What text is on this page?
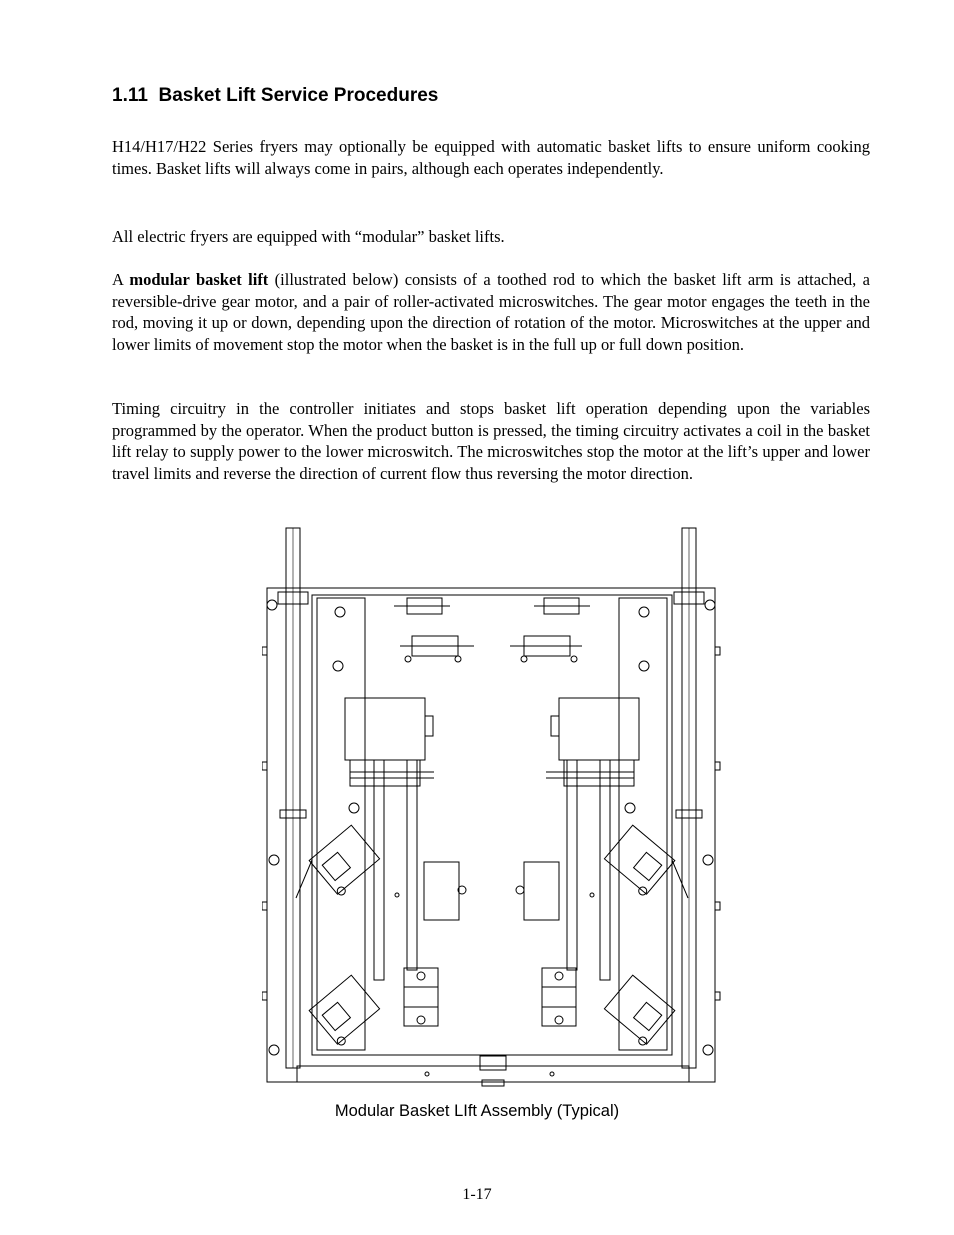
1.11 Basket Lift Service Procedures

H14/H17/H22 Series fryers may optionally be equipped with automatic basket lifts to ensure uniform cooking times. Basket lifts will always come in pairs, although each operates independently.

All electric fryers are equipped with “modular” basket lifts.

A modular basket lift (illustrated below) consists of a toothed rod to which the basket lift arm is attached, a reversible-drive gear motor, and a pair of roller-activated microswitches. The gear motor engages the teeth in the rod, moving it up or down, depending upon the direction of rotation of the motor. Microswitches at the upper and lower limits of movement stop the motor when the basket is in the full up or full down position.

Timing circuitry in the controller initiates and stops basket lift operation depending upon the variables programmed by the operator. When the product button is pressed, the timing circuitry activates a coil in the basket lift relay to supply power to the lower microswitch. The microswitches stop the motor at the lift’s upper and lower travel limits and reverse the direction of current flow thus reversing the motor direction.

Modular Basket LIft Assembly (Typical)

1-17
